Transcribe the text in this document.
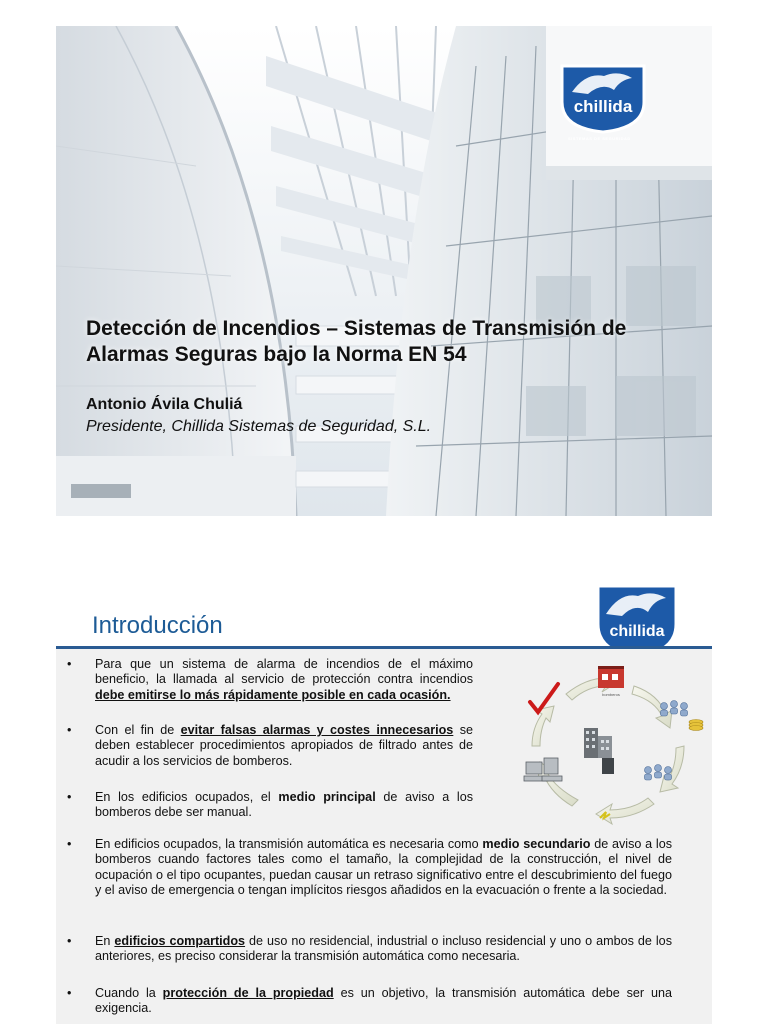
chillida
SISTEMAS DE SEGURIDAD
Detección de Incendios – Sistemas de Transmisión de Alarmas Seguras bajo la Norma EN 54

Antonio Ávila Chuliá

Presidente, Chillida Sistemas de Seguridad, S.L.

Introducción	chillida
• Para que un sistema de alarma de incendios de el máximo beneficio, la llamada al servicio de protección contra incendios debe emitirse lo más rápidamente posible en cada ocasión.
• Con el fin de evitar falsas alarmas y costes innecesarios se deben establecer procedimientos apropiados de filtrado antes de acudir a los servicios de bomberos.
• En los edificios ocupados, el medio principal de aviso a los bomberos debe ser manual.
• En edificios ocupados, la transmisión automática es necesaria como medio secundario de aviso a los bomberos cuando factores tales como el tamaño, la complejidad de la construcción, el nivel de ocupación o el tipo ocupantes, puedan causar un retraso significativo entre el descubrimiento del fuego y el aviso de emergencia o tengan implícitos riesgos añadidos en la evacuación o frente a la sociedad.
• En edificios compartidos de uso no residencial, industrial o incluso residencial y uno o ambos de los anteriores, es preciso considerar la transmisión automática como necesaria.
• Cuando la protección de la propiedad es un objetivo, la transmisión automática debe ser una exigencia.
bomberos
